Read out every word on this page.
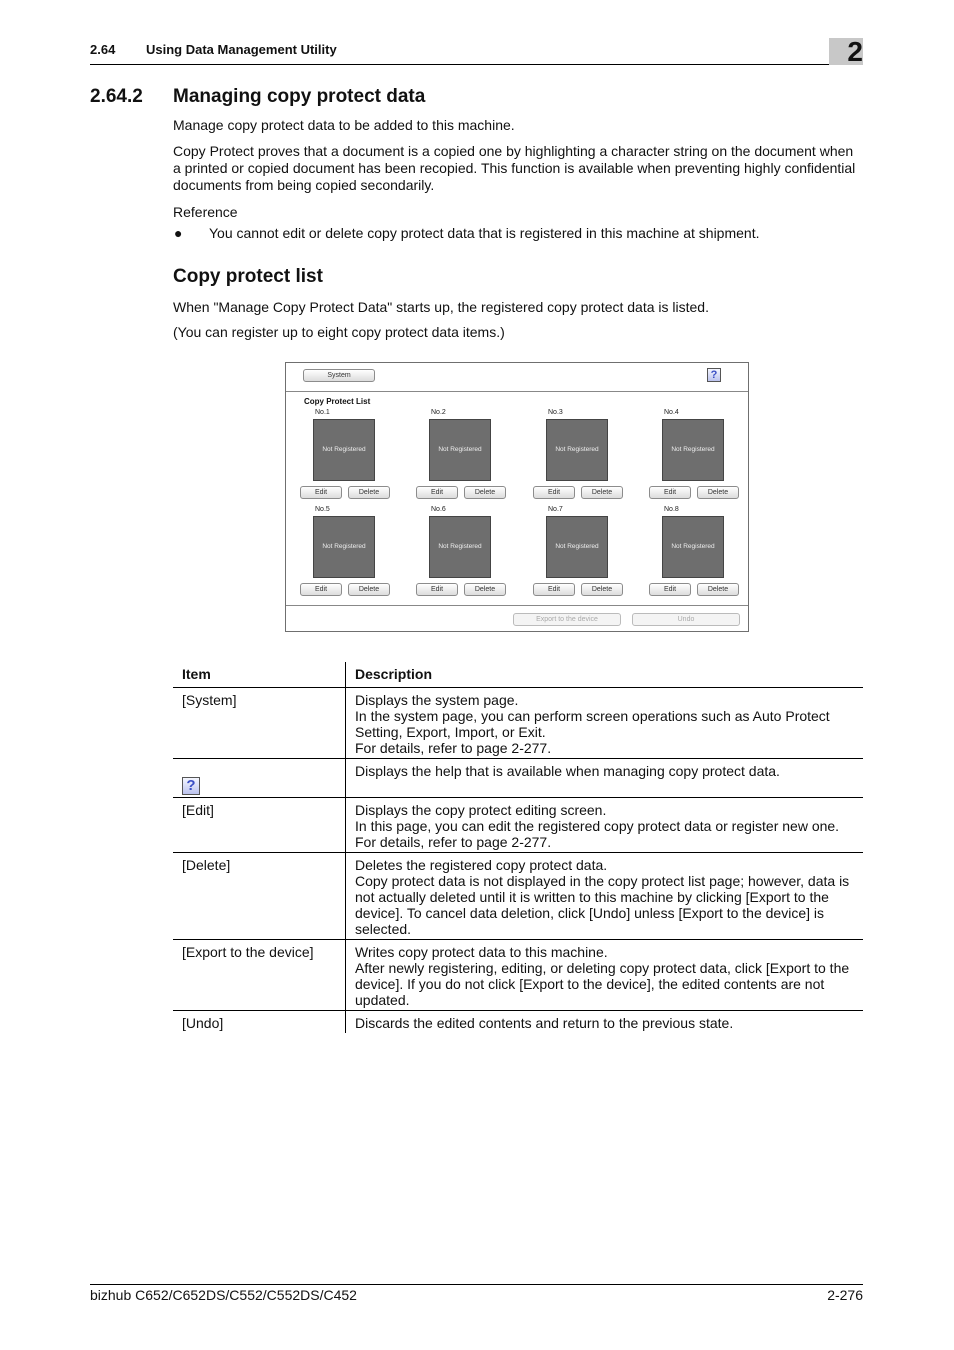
2.64 Using Data Management Utility	2
2.64.2 Managing copy protect data
Manage copy protect data to be added to this machine.
Copy Protect proves that a document is a copied one by highlighting a character string on the document when a printed or copied document has been recopied. This function is available when preventing highly confidential documents from being copied secondarily.
Reference
● You cannot edit or delete copy protect data that is registered in this machine at shipment.
Copy protect list
When "Manage Copy Protect Data" starts up, the registered copy protect data is listed.
(You can register up to eight copy protect data items.)
System	?
Copy Protect List
No.1
Not Registered
Edit	Delete
No.2
Not Registered
Edit	Delete
No.3
Not Registered
Edit	Delete
No.4
Not Registered
Edit	Delete
No.5
Not Registered
Edit	Delete
No.6
Not Registered
Edit	Delete
No.7
Not Registered
Edit	Delete
No.8
Not Registered
Edit	Delete
Export to the device	Undo
Item	Description
[System]	Displays the system page.
In the system page, you can perform screen operations such as Auto Protect Setting, Export, Import, or Exit.
For details, refer to page 2-277.

?	Displays the help that is available when managing copy protect data.

[Edit]	Displays the copy protect editing screen.
In this page, you can edit the registered copy protect data or register new one.
For details, refer to page 2-277.

[Delete]	Deletes the registered copy protect data.
Copy protect data is not displayed in the copy protect list page; however, data is not actually deleted until it is written to this machine by clicking [Export to the device]. To cancel data deletion, click [Undo] unless [Export to the device] is selected.

[Export to the device]	Writes copy protect data to this machine.
After newly registering, editing, or deleting copy protect data, click [Export to the device]. If you do not click [Export to the device], the edited contents are not updated.

[Undo]	Discards the edited contents and return to the previous state.
bizhub C652/C652DS/C552/C552DS/C452	2-276
